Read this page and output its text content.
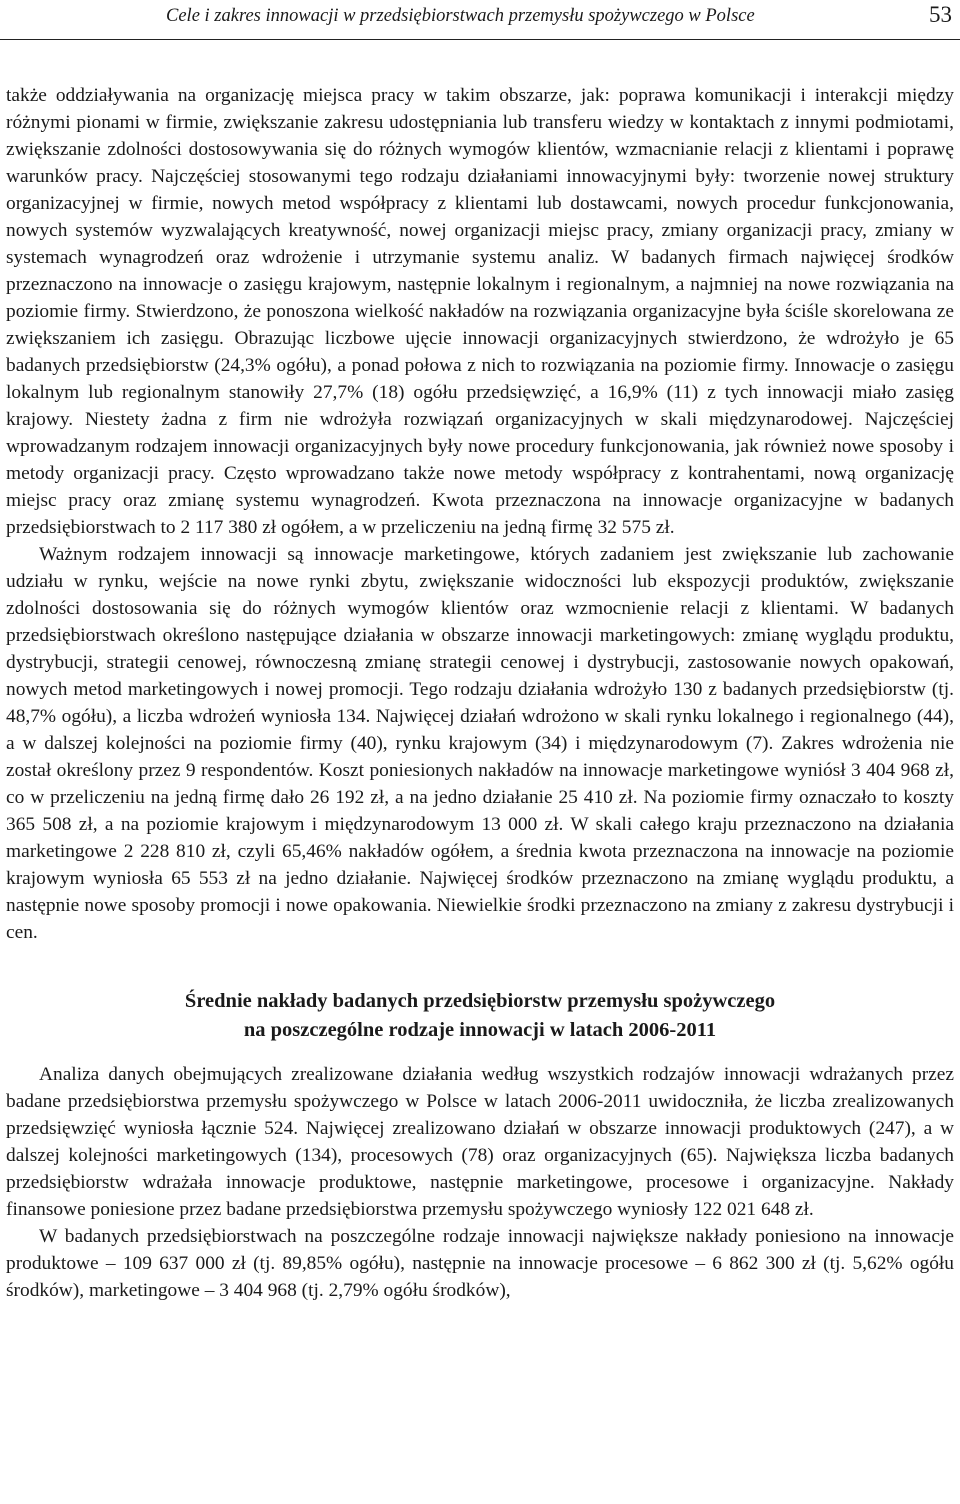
Cele i zakres innowacji w przedsiębiorstwach przemysłu spożywczego w Polsce	53

także oddziaływania na organizację miejsca pracy w takim obszarze, jak: poprawa komunikacji i interakcji między różnymi pionami w firmie, zwiększanie zakresu udostępniania lub transferu wiedzy w kontaktach z innymi podmiotami, zwiększanie zdolności dostosowywania się do różnych wymogów klientów, wzmacnianie relacji z klientami i poprawę warunków pracy. Najczęściej stosowanymi tego rodzaju działaniami innowacyjnymi były: tworzenie nowej struktury organizacyjnej w firmie, nowych metod współpracy z klientami lub dostawcami, nowych procedur funkcjonowania, nowych systemów wyzwalających kreatywność, nowej organizacji miejsc pracy, zmiany organizacji pracy, zmiany w systemach wynagrodzeń oraz wdrożenie i utrzymanie systemu analiz. W badanych firmach najwięcej środków przeznaczono na innowacje o zasięgu krajowym, następnie lokalnym i regionalnym, a najmniej na nowe rozwiązania na poziomie firmy. Stwierdzono, że ponoszona wielkość nakładów na rozwiązania organizacyjne była ściśle skorelowana ze zwiększaniem ich zasięgu. Obrazując liczbowe ujęcie innowacji organizacyjnych stwierdzono, że wdrożyło je 65 badanych przedsiębiorstw (24,3% ogółu), a ponad połowa z nich to rozwiązania na poziomie firmy. Innowacje o zasięgu lokalnym lub regionalnym stanowiły 27,7% (18) ogółu przedsięwzięć, a 16,9% (11) z tych innowacji miało zasięg krajowy. Niestety żadna z firm nie wdrożyła rozwiązań organizacyjnych w skali międzynarodowej. Najczęściej wprowadzanym rodzajem innowacji organizacyjnych były nowe procedury funkcjonowania, jak również nowe sposoby i metody organizacji pracy. Często wprowadzano także nowe metody współpracy z kontrahentami, nową organizację miejsc pracy oraz zmianę systemu wynagrodzeń. Kwota przeznaczona na innowacje organizacyjne w badanych przedsiębiorstwach to 2 117 380 zł ogółem, a w przeliczeniu na jedną firmę 32 575 zł.

Ważnym rodzajem innowacji są innowacje marketingowe, których zadaniem jest zwiększanie lub zachowanie udziału w rynku, wejście na nowe rynki zbytu, zwiększanie widoczności lub ekspozycji produktów, zwiększanie zdolności dostosowania się do różnych wymogów klientów oraz wzmocnienie relacji z klientami. W badanych przedsiębiorstwach określono następujące działania w obszarze innowacji marketingowych: zmianę wyglądu produktu, dystrybucji, strategii cenowej, równoczesną zmianę strategii cenowej i dystrybucji, zastosowanie nowych opakowań, nowych metod marketingowych i nowej promocji. Tego rodzaju działania wdrożyło 130 z badanych przedsiębiorstw (tj. 48,7% ogółu), a liczba wdrożeń wyniosła 134. Najwięcej działań wdrożono w skali rynku lokalnego i regionalnego (44), a w dalszej kolejności na poziomie firmy (40), rynku krajowym (34) i międzynarodowym (7). Zakres wdrożenia nie został określony przez 9 respondentów. Koszt poniesionych nakładów na innowacje marketingowe wyniósł 3 404 968 zł, co w przeliczeniu na jedną firmę dało 26 192 zł, a na jedno działanie 25 410 zł. Na poziomie firmy oznaczało to koszty 365 508 zł, a na poziomie krajowym i międzynarodowym 13 000 zł. W skali całego kraju przeznaczono na działania marketingowe 2 228 810 zł, czyli 65,46% nakładów ogółem, a średnia kwota przeznaczona na innowacje na poziomie krajowym wyniosła 65 553 zł na jedno działanie. Najwięcej środków przeznaczono na zmianę wyglądu produktu, a następnie nowe sposoby promocji i nowe opakowania. Niewielkie środki przeznaczono na zmiany z zakresu dystrybucji i cen.

Średnie nakłady badanych przedsiębiorstw przemysłu spożywczego
na poszczególne rodzaje innowacji w latach 2006-2011

Analiza danych obejmujących zrealizowane działania według wszystkich rodzajów innowacji wdrażanych przez badane przedsiębiorstwa przemysłu spożywczego w Polsce w latach 2006-2011 uwidoczniła, że liczba zrealizowanych przedsięwzięć wyniosła łącznie 524. Najwięcej zrealizowano działań w obszarze innowacji produktowych (247), a w dalszej kolejności marketingowych (134), procesowych (78) oraz organizacyjnych (65). Największa liczba badanych przedsiębiorstw wdrażała innowacje produktowe, następnie marketingowe, procesowe i organizacyjne. Nakłady finansowe poniesione przez badane przedsiębiorstwa przemysłu spożywczego wyniosły 122 021 648 zł.

W badanych przedsiębiorstwach na poszczególne rodzaje innowacji największe nakłady poniesiono na innowacje produktowe – 109 637 000 zł (tj. 89,85% ogółu), następnie na innowacje procesowe – 6 862 300 zł (tj. 5,62% ogółu środków), marketingowe – 3 404 968 (tj. 2,79% ogółu środków),
